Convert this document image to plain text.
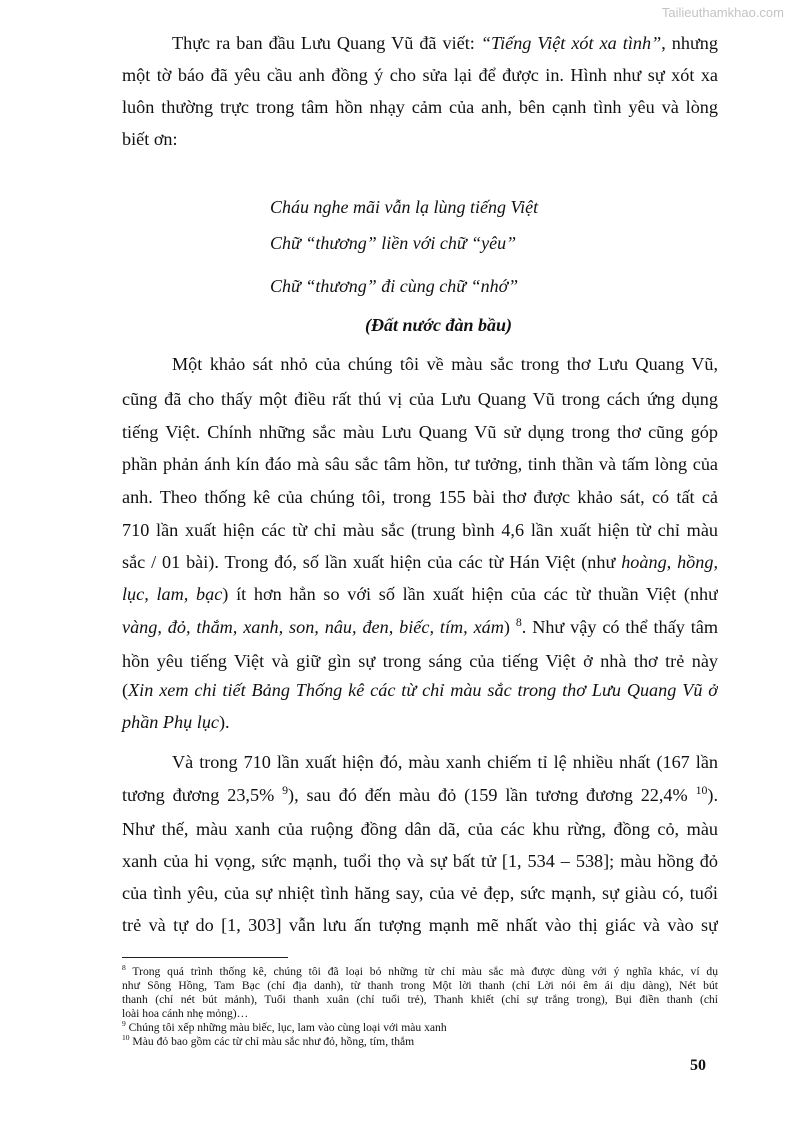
Tailieuthamkhao.com
Thực ra ban đầu Lưu Quang Vũ đã viết: “Tiếng Việt xót xa tình”, nhưng
một tờ báo đã yêu cầu anh đồng ý cho sửa lại để được in. Hình như sự xót xa
luôn thường trực trong tâm hồn nhạy cảm của anh, bên cạnh tình yêu và lòng
biết ơn:
Một khảo sát nhỏ của chúng tôi về màu sắc trong thơ Lưu Quang Vũ,
cũng đã cho thấy một điều rất thú vị của Lưu Quang Vũ trong cách ứng dụng
tiếng Việt. Chính những sắc màu Lưu Quang Vũ sử dụng trong thơ cũng góp
phần phản ánh kín đáo mà sâu sắc tâm hồn, tư tưởng, tinh thần và tấm lòng của
anh. Theo thống kê của chúng tôi, trong 155 bài thơ được khảo sát, có tất cả
710 lần xuất hiện các từ chỉ màu sắc (trung bình 4,6 lần xuất hiện từ chỉ màu
sắc / 01 bài). Trong đó, số lần xuất hiện của các từ Hán Việt (như hoàng, hồng,
lục, lam, bạc) ít hơn hẳn so với số lần xuất hiện của các từ thuần Việt (như
vàng, đỏ, thắm, xanh, son, nâu, đen, biếc, tím, xám) $^8$. Như vậy có thể thấy tâm
hồn yêu tiếng Việt và giữ gìn sự trong sáng của tiếng Việt ở nhà thơ trẻ này
(Xin xem chi tiết Bảng Thống kê các từ chỉ màu sắc trong thơ Lưu Quang Vũ ở
phần Phụ lục).
Và trong 710 lần xuất hiện đó, màu xanh chiếm tỉ lệ nhiều nhất (167 lần
tương đương 23,5% $^9$), sau đó đến màu đỏ (159 lần tương đương 22,4% $^{10}$).
Như thế, màu xanh của ruộng đồng dân dã, của các khu rừng, đồng cỏ, màu
xanh của hi vọng, sức mạnh, tuổi thọ và sự bất tử [1, 534 – 538]; màu hồng đỏ
của tình yêu, của sự nhiệt tình hăng say, của vẻ đẹp, sức mạnh, sự giàu có, tuổi
trẻ và tự do [1, 303] vẫn lưu ấn tượng mạnh mẽ nhất vào thị giác và vào sự
Cháu nghe mãi vẫn lạ lùng tiếng Việt
Chữ “thương” liền với chữ “yêu”
Chữ “thương” đi cùng chữ “nhớ”
(Đất nước đàn bầu)
$^8$ Trong quá trình thống kê, chúng tôi đã loại bỏ những từ chỉ màu sắc mà được dùng với ý nghĩa khác, ví dụ
như Sông Hồng, Tam Bạc (chỉ địa danh), từ thanh trong Một lời thanh (chỉ Lời nói êm ái dịu dàng), Nét bút
thanh (chỉ nét bút mảnh), Tuổi thanh xuân (chỉ tuổi trẻ), Thanh khiết (chỉ sự trắng trong), Bụi điền thanh (chỉ
loài hoa cánh nhẹ mỏng)…
$^9$ Chúng tôi xếp những màu biếc, lục, lam vào cùng loại với màu xanh
$^{10}$ Màu đỏ bao gồm các từ chỉ màu sắc như đỏ, hồng, tím, thắm
50
